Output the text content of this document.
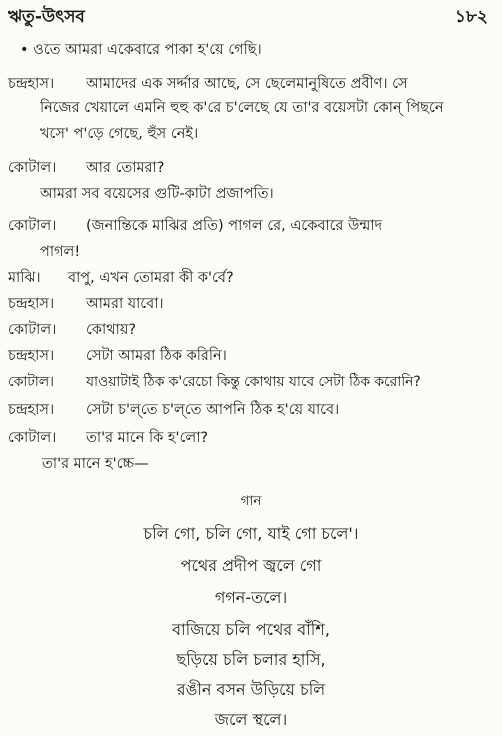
ঋতু-উৎসব	১৮২
• ওতে আমরা একেবারে পাকা হ'য়ে গেছি।
চন্দ্রহাস। আমাদের এক সর্দ্দার আছে, সে ছেলেমানুষিতে প্রবীণ। সে
নিজের খেয়ালে এমনি হুহু ক'রে চ'লেছে যে তা'র বয়েসটা কোন্ পিছনে
খসে' প'ড়ে গেছে, হুঁস নেই।
কোটাল। আর তোমরা?
আমরা সব বয়েসের গুটি-কাটা প্রজাপতি।
কোটাল। (জনান্তিকে মাঝির প্রতি) পাগল রে, একেবারে উন্মাদ
পাগল!
মাঝি। বাপু, এখন তোমরা কী ক'র্বে?
চন্দ্রহাস। আমরা যাবো।
কোটাল। কোথায়?
চন্দ্রহাস। সেটা আমরা ঠিক করিনি।
কোটাল। যাওয়াটাই ঠিক ক'রেচো কিন্তু কোথায় যাবে সেটা ঠিক করোনি?
চন্দ্রহাস। সেটা চ'ল্‌তে চ'ল্‌তে আপনি ঠিক হ'য়ে যাবে।
কোটাল। তা'র মানে কি হ'লো?
তা'র মানে হ'চ্চে—
গান
চলি গো, চলি গো, যাই গো চলে'।
পথের প্রদীপ জ্বলে গো
গগন-তলে।
বাজিয়ে চলি পথের বাঁশি,
ছড়িয়ে চলি চলার হাসি,
রঙীন বসন উড়িয়ে চলি
জলে স্থলে।
